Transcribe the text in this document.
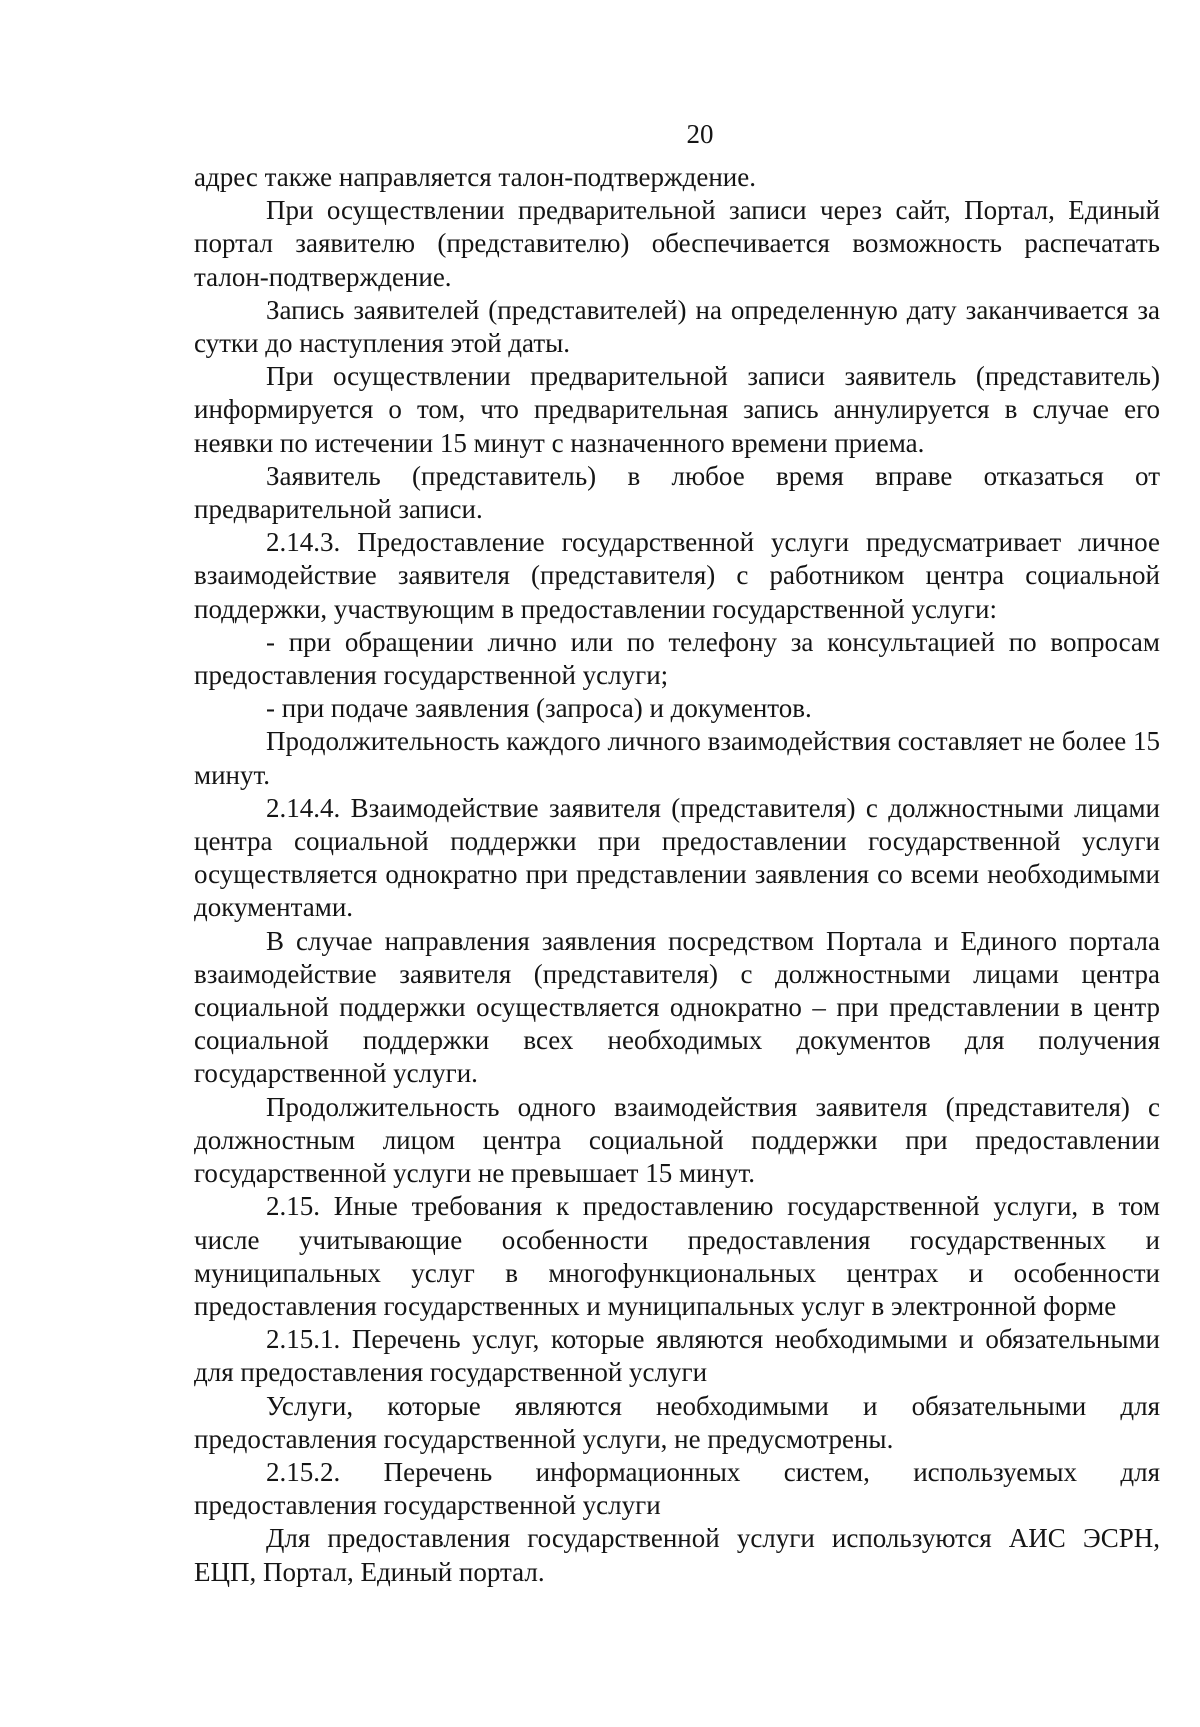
20

адрес также направляется талон-подтверждение.

При осуществлении предварительной записи через сайт, Портал, Единый портал заявителю (представителю) обеспечивается возможность распечатать талон-подтверждение.

Запись заявителей (представителей) на определенную дату заканчивается за сутки до наступления этой даты.

При осуществлении предварительной записи заявитель (представитель) информируется о том, что предварительная запись аннулируется в случае его неявки по истечении 15 минут с назначенного времени приема.

Заявитель (представитель) в любое время вправе отказаться от предварительной записи.

2.14.3. Предоставление государственной услуги предусматривает личное взаимодействие заявителя (представителя) с работником центра социальной поддержки, участвующим в предоставлении государственной услуги:

- при обращении лично или по телефону за консультацией по вопросам предоставления государственной услуги;

- при подаче заявления (запроса) и документов.

Продолжительность каждого личного взаимодействия составляет не более 15 минут.

2.14.4. Взаимодействие заявителя (представителя) с должностными лицами центра социальной поддержки при предоставлении государственной услуги осуществляется однократно при представлении заявления со всеми необходимыми документами.

В случае направления заявления посредством Портала и Единого портала взаимодействие заявителя (представителя) с должностными лицами центра социальной поддержки осуществляется однократно – при представлении в центр социальной поддержки всех необходимых документов для получения государственной услуги.

Продолжительность одного взаимодействия заявителя (представителя) с должностным лицом центра социальной поддержки при предоставлении государственной услуги не превышает 15 минут.

2.15. Иные требования к предоставлению государственной услуги, в том числе учитывающие особенности предоставления государственных и муниципальных услуг в многофункциональных центрах и особенности предоставления государственных и муниципальных услуг в электронной форме

2.15.1. Перечень услуг, которые являются необходимыми и обязательными для предоставления государственной услуги

Услуги, которые являются необходимыми и обязательными для предоставления государственной услуги, не предусмотрены.

2.15.2. Перечень информационных систем, используемых для предоставления государственной услуги

Для предоставления государственной услуги используются АИС ЭСРН, ЕЦП, Портал, Единый портал.
